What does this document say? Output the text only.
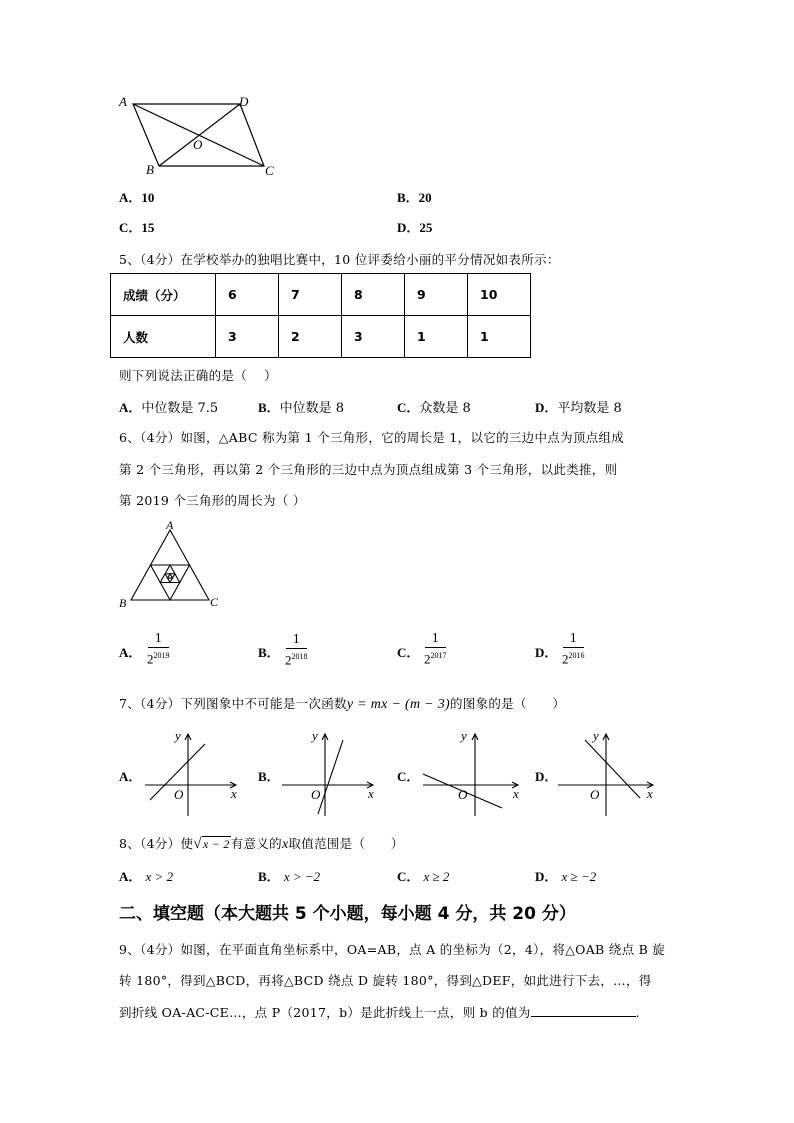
A	D
O
B	C
A．10	B．20
C．15	D．25
5、（4分）在学校举办的独唱比赛中，10 位评委给小丽的平分情况如表所示：
成绩（分）	6	7	8	9	10
人数	3	2	3	1	1
则下列说法正确的是（　 ）
A．中位数是 7.5	B．中位数是 8	C．众数是 8	D．平均数是 8
6、（4分）如图，△ABC 称为第 1 个三角形，它的周长是 1，以它的三边中点为顶点组成
第 2 个三角形，再以第 2 个三角形的三边中点为顶点组成第 3 个三角形，以此类推，则
第 2019 个三角形的周长为（ ）
A
B	C
A．
1
$2^{2019}$	B．
1
$2^{2018}$	C．
1
$2^{2017}$	D．
1
$2^{2016}$
7、（4分）下列图象中不可能是一次函数y = mx − (m − 3)的图象的是（　　）
A．
y
x
O
B．
y
x
O
C．
y
x
O
D．
y
x
O
8、（4分）使√x − 2有意义的x取值范围是（　　）
A． x > 2	B． x > −2	C． x ≥ 2	D． x ≥ −2
二、填空题（本大题共 5 个小题，每小题 4 分，共 20 分）
9、（4分）如图，在平面直角坐标系中，OA=AB，点 A 的坐标为（2，4），将△OAB 绕点 B 旋
转 180°，得到△BCD，再将△BCD 绕点 D 旋转 180°，得到△DEF，如此进行下去，…，得
到折线 OA-AC-CE…，点 P（2017，b）是此折线上一点，则 b 的值为	.
